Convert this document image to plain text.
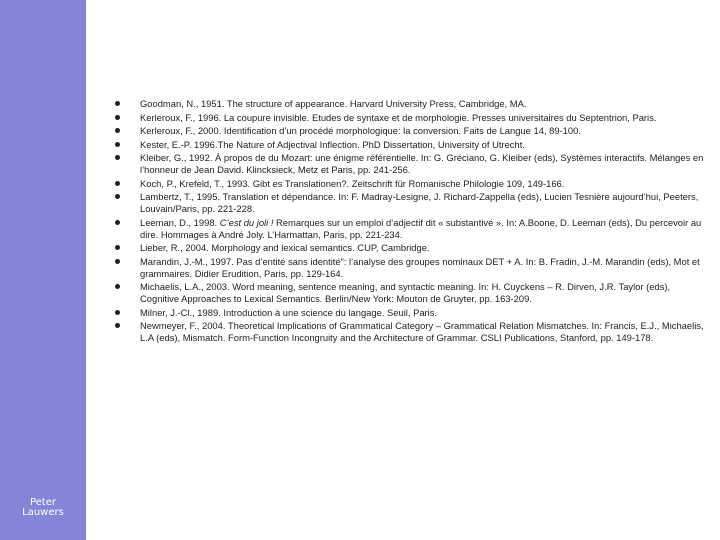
Peter
Lauwers
Goodman, N., 1951. The structure of appearance. Harvard University Press, Cambridge, MA.
Kerleroux, F., 1996. La coupure invisible. Etudes de syntaxe et de morphologie. Presses universitaires du Septentrion, Paris.
Kerleroux, F., 2000. Identification d’un procédé morphologique: la conversion. Faits de Langue 14, 89-100.
Kester, E.-P. 1996.The Nature of Adjectival Inflection. PhD Dissertation, University of Utrecht.
Kleiber, G., 1992. À propos de du Mozart: une énigme référentielle. In: G. Gréciano, G. Kleiber (eds), Systèmes interactifs. Mélanges en l’honneur de Jean David. Klincksieck, Metz et Paris, pp. 241-256.
Koch, P., Krefeld, T., 1993. Gibt es Translationen?. Zeitschrift für Romanische Philologie 109, 149-166.
Lambertz, T., 1995. Translation et dépendance. In: F. Madray-Lesigne, J. Richard-Zappella (eds), Lucien Tesnière aujourd’hui, Peeters, Louvain/Paris, pp. 221-228.
Leeman, D., 1998. C’est du joli ! Remarques sur un emploi d’adjectif dit « substantivé ». In: A.Boone, D. Leeman (eds), Du percevoir au dire. Hommages à André Joly. L’Harmattan, Paris, pp. 221-234.
Lieber, R., 2004. Morphology and lexical semantics. CUP, Cambridge.
Marandin, J.-M., 1997. Pas d’entité sans identité”: l’analyse des groupes nominaux DET + A. In: B. Fradin, J.-M. Marandin (eds), Mot et grammaires. Didier Erudition, Paris, pp. 129-164.
Michaelis, L.A., 2003. Word meaning, sentence meaning, and syntactic meaning. In: H. Cuyckens – R. Dirven, J.R. Taylor (eds), Cognitive Approaches to Lexical Semantics. Berlin/New York: Mouton de Gruyter, pp. 163-209.
Milner, J.-Cl., 1989. Introduction à une science du langage. Seuil, Paris.
Newmeyer, F., 2004. Theoretical Implications of Grammatical Category – Grammatical Relation Mismatches. In: Francis, E.J., Michaelis, L.A (eds), Mismatch. Form-Function Incongruity and the Architecture of Grammar. CSLI Publications, Stanford, pp. 149-178.
